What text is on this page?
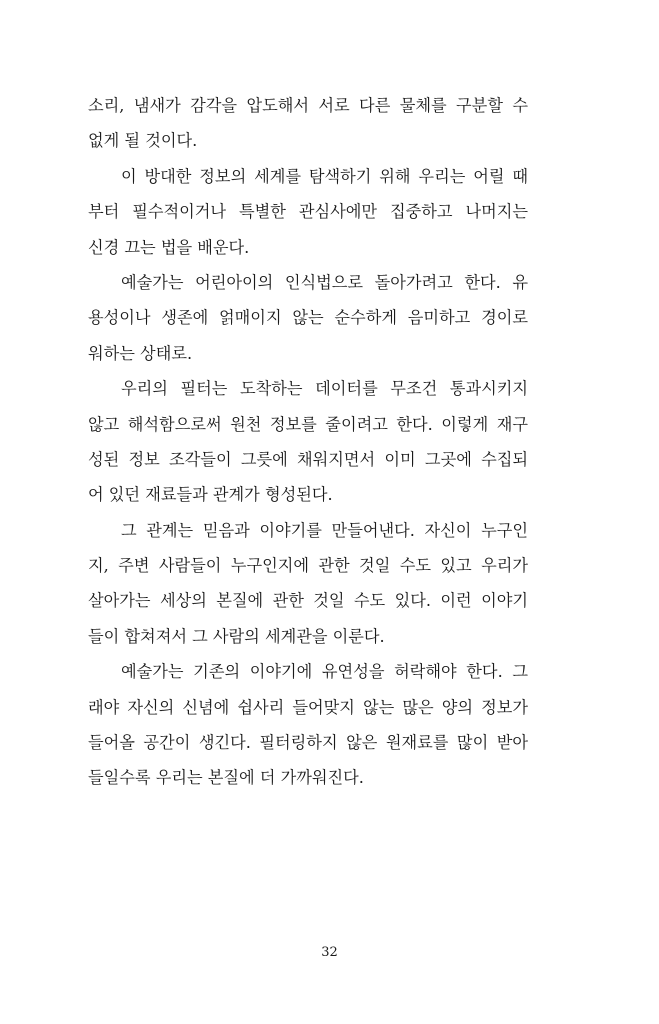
소리, 냄새가 감각을 압도해서 서로 다른 물체를 구분할 수
없게 될 것이다.
이 방대한 정보의 세계를 탐색하기 위해 우리는 어릴 때
부터 필수적이거나 특별한 관심사에만 집중하고 나머지는
신경 끄는 법을 배운다.
예술가는 어린아이의 인식법으로 돌아가려고 한다. 유
용성이나 생존에 얽매이지 않는 순수하게 음미하고 경이로
워하는 상태로.
우리의 필터는 도착하는 데이터를 무조건 통과시키지
않고 해석함으로써 원천 정보를 줄이려고 한다. 이렇게 재구
성된 정보 조각들이 그릇에 채워지면서 이미 그곳에 수집되
어 있던 재료들과 관계가 형성된다.
그 관계는 믿음과 이야기를 만들어낸다. 자신이 누구인
지, 주변 사람들이 누구인지에 관한 것일 수도 있고 우리가
살아가는 세상의 본질에 관한 것일 수도 있다. 이런 이야기
들이 합쳐져서 그 사람의 세계관을 이룬다.
예술가는 기존의 이야기에 유연성을 허락해야 한다. 그
래야 자신의 신념에 쉽사리 들어맞지 않는 많은 양의 정보가
들어올 공간이 생긴다. 필터링하지 않은 원재료를 많이 받아
들일수록 우리는 본질에 더 가까워진다.
32
